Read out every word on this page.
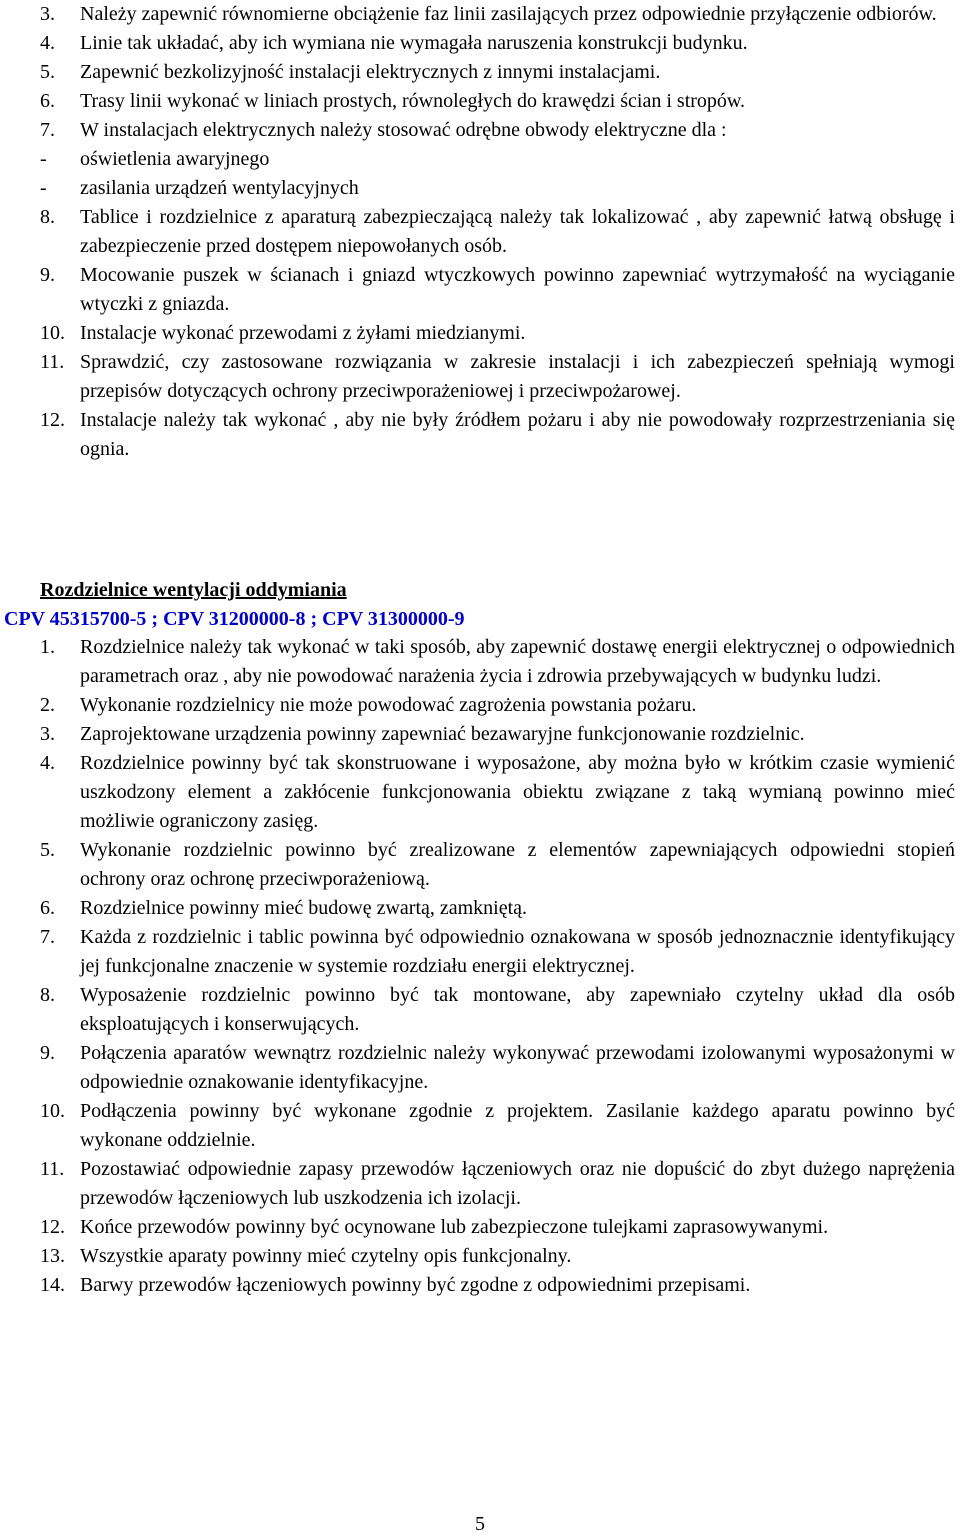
3.	Należy zapewnić równomierne obciążenie faz linii zasilających przez odpowiednie przyłączenie odbiorów.
4.	Linie tak układać, aby ich wymiana nie wymagała naruszenia konstrukcji budynku.
5.	Zapewnić bezkolizyjność instalacji elektrycznych z innymi instalacjami.
6.	Trasy linii wykonać w liniach prostych, równoległych do krawędzi ścian i stropów.
7.	W instalacjach elektrycznych należy stosować odrębne obwody elektryczne dla :
-	oświetlenia awaryjnego
-	zasilania urządzeń wentylacyjnych
8.	Tablice i rozdzielnice z aparaturą zabezpieczającą należy tak lokalizować , aby zapewnić łatwą obsługę i zabezpieczenie przed dostępem niepowołanych osób.
9.	Mocowanie puszek w ścianach i gniazd wtyczkowych powinno zapewniać wytrzymałość na wyciąganie wtyczki z gniazda.
10. Instalacje wykonać przewodami z żyłami miedzianymi.
11. Sprawdzić, czy zastosowane rozwiązania w zakresie instalacji i ich zabezpieczeń spełniają wymogi przepisów dotyczących ochrony przeciwporażeniowej i przeciwpożarowej.
12. Instalacje należy tak wykonać , aby nie były źródłem pożaru i aby nie powodowały rozprzestrzeniania się ognia.

Rozdzielnice wentylacji oddymiania

CPV 45315700-5 ; CPV 31200000-8 ; CPV 31300000-9

1.	Rozdzielnice należy tak wykonać w taki sposób, aby zapewnić dostawę energii elektrycznej o odpowiednich parametrach oraz , aby nie powodować narażenia życia i zdrowia przebywających w budynku ludzi.
2.	Wykonanie rozdzielnicy nie może powodować zagrożenia powstania pożaru.
3.	Zaprojektowane urządzenia powinny zapewniać bezawaryjne funkcjonowanie rozdzielnic.
4.	Rozdzielnice powinny być tak skonstruowane i wyposażone, aby można było w krótkim czasie wymienić uszkodzony element a zakłócenie funkcjonowania obiektu związane z taką wymianą powinno mieć możliwie ograniczony zasięg.
5.	Wykonanie rozdzielnic powinno być zrealizowane z elementów zapewniających odpowiedni stopień ochrony oraz ochronę przeciwporażeniową.
6.	Rozdzielnice powinny mieć budowę zwartą, zamkniętą.
7.	Każda z rozdzielnic i tablic powinna być odpowiednio oznakowana w sposób jednoznacznie identyfikujący jej funkcjonalne znaczenie w systemie rozdziału energii elektrycznej.
8.	Wyposażenie rozdzielnic powinno być tak montowane, aby zapewniało czytelny układ dla osób eksploatujących i konserwujących.
9.	Połączenia aparatów wewnątrz rozdzielnic należy wykonywać przewodami izolowanymi wyposażonymi w odpowiednie oznakowanie identyfikacyjne.
10. Podłączenia powinny być wykonane zgodnie z projektem. Zasilanie każdego aparatu powinno być wykonane oddzielnie.
11. Pozostawiać odpowiednie zapasy przewodów łączeniowych oraz nie dopuścić do zbyt dużego naprężenia przewodów łączeniowych lub uszkodzenia ich izolacji.
12. Końce przewodów powinny być ocynowane lub zabezpieczone tulejkami zaprasowywanymi.
13. Wszystkie aparaty powinny mieć czytelny opis funkcjonalny.
14. Barwy przewodów łączeniowych powinny być zgodne z odpowiednimi przepisami.
5
